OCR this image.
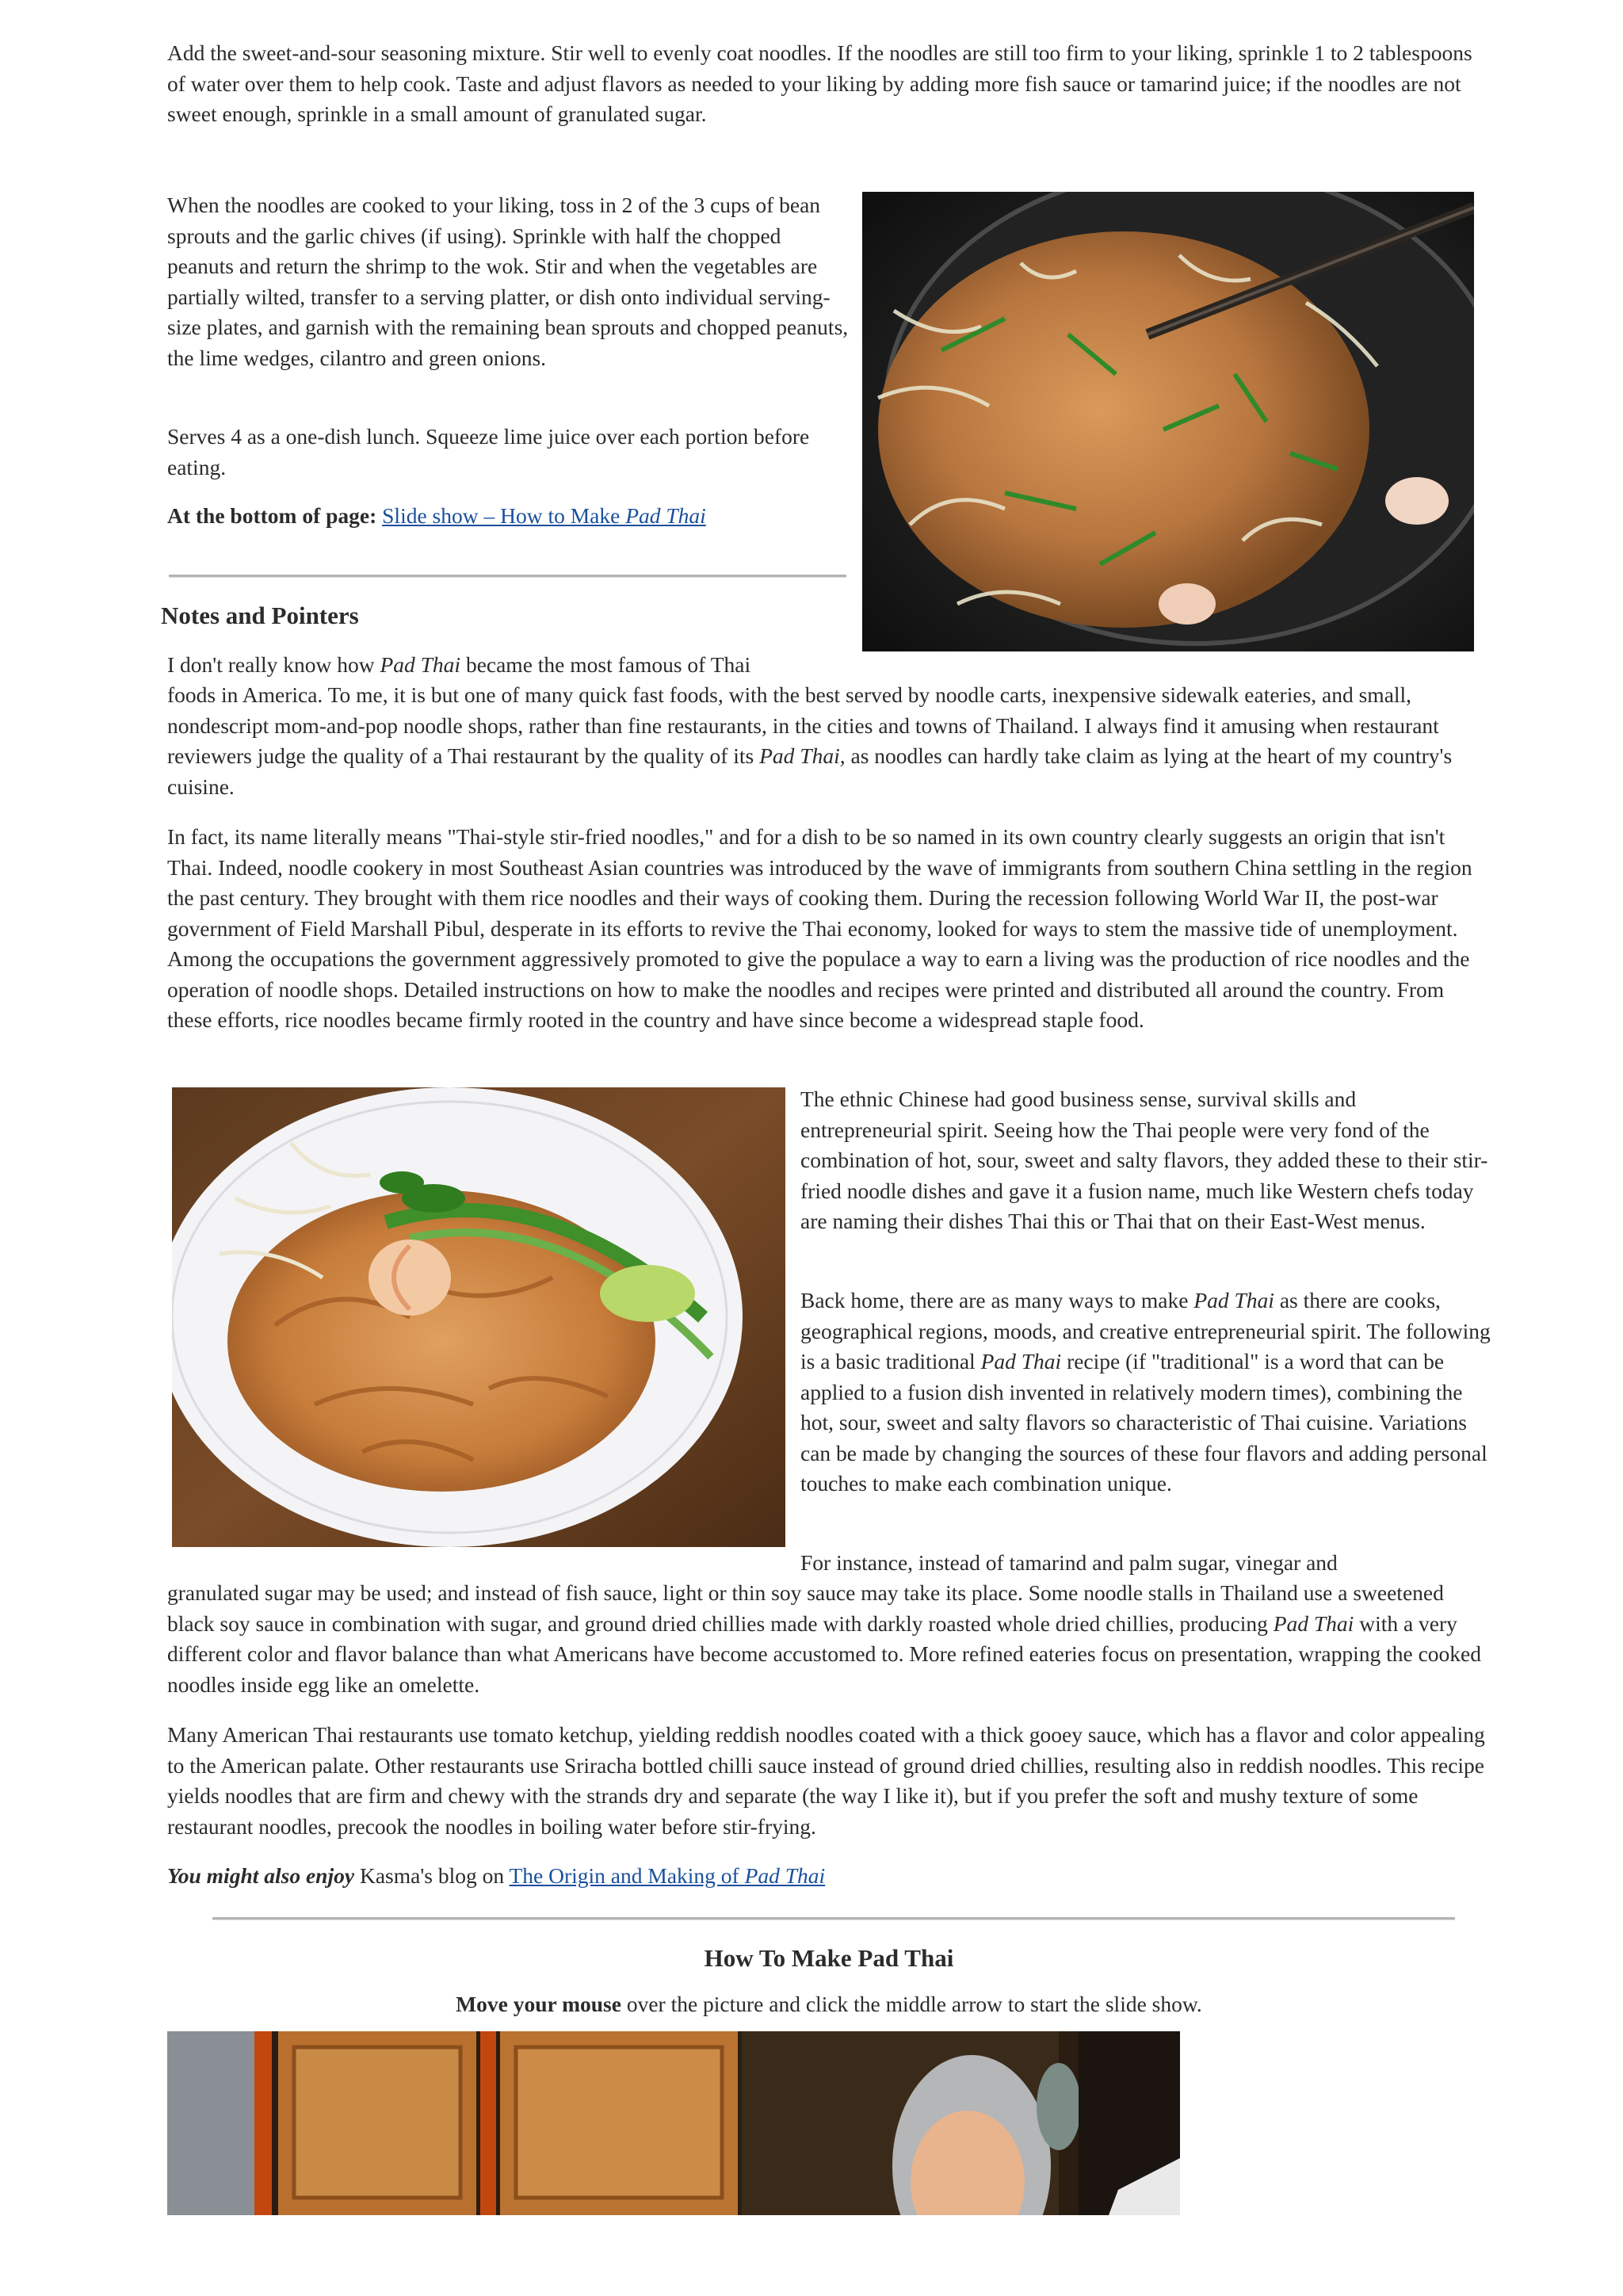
Add the sweet-and-sour seasoning mixture. Stir well to evenly coat noodles. If the noodles are still too firm to your liking, sprinkle 1 to 2 tablespoons of water over them to help cook. Taste and adjust flavors as needed to your liking by adding more fish sauce or tamarind juice; if the noodles are not sweet enough, sprinkle in a small amount of granulated sugar.

When the noodles are cooked to your liking, toss in 2 of the 3 cups of bean sprouts and the garlic chives (if using). Sprinkle with half the chopped peanuts and return the shrimp to the wok. Stir and when the vegetables are partially wilted, transfer to a serving platter, or dish onto individual serving-size plates, and garnish with the remaining bean sprouts and chopped peanuts, the lime wedges, cilantro and green onions.

Serves 4 as a one-dish lunch. Squeeze lime juice over each portion before eating.

At the bottom of page: Slide show – How to Make Pad Thai

Notes and Pointers

I don't really know how Pad Thai became the most famous of Thai

foods in America. To me, it is but one of many quick fast foods, with the best served by noodle carts, inexpensive sidewalk eateries, and small, nondescript mom-and-pop noodle shops, rather than fine restaurants, in the cities and towns of Thailand. I always find it amusing when restaurant reviewers judge the quality of a Thai restaurant by the quality of its Pad Thai, as noodles can hardly take claim as lying at the heart of my country's cuisine.

In fact, its name literally means "Thai-style stir-fried noodles," and for a dish to be so named in its own country clearly suggests an origin that isn't Thai. Indeed, noodle cookery in most Southeast Asian countries was introduced by the wave of immigrants from southern China settling in the region the past century. They brought with them rice noodles and their ways of cooking them. During the recession following World War II, the post-war government of Field Marshall Pibul, desperate in its efforts to revive the Thai economy, looked for ways to stem the massive tide of unemployment. Among the occupations the government aggressively promoted to give the populace a way to earn a living was the production of rice noodles and the operation of noodle shops. Detailed instructions on how to make the noodles and recipes were printed and distributed all around the country. From these efforts, rice noodles became firmly rooted in the country and have since become a widespread staple food.

The ethnic Chinese had good business sense, survival skills and entrepreneurial spirit. Seeing how the Thai people were very fond of the combination of hot, sour, sweet and salty flavors, they added these to their stir-fried noodle dishes and gave it a fusion name, much like Western chefs today are naming their dishes Thai this or Thai that on their East-West menus.

Back home, there are as many ways to make Pad Thai as there are cooks, geographical regions, moods, and creative entrepreneurial spirit. The following is a basic traditional Pad Thai recipe (if "traditional" is a word that can be applied to a fusion dish invented in relatively modern times), combining the hot, sour, sweet and salty flavors so characteristic of Thai cuisine. Variations can be made by changing the sources of these four flavors and adding personal touches to make each combination unique.

For instance, instead of tamarind and palm sugar, vinegar and

granulated sugar may be used; and instead of fish sauce, light or thin soy sauce may take its place. Some noodle stalls in Thailand use a sweetened black soy sauce in combination with sugar, and ground dried chillies made with darkly roasted whole dried chillies, producing Pad Thai with a very different color and flavor balance than what Americans have become accustomed to. More refined eateries focus on presentation, wrapping the cooked noodles inside egg like an omelette.

Many American Thai restaurants use tomato ketchup, yielding reddish noodles coated with a thick gooey sauce, which has a flavor and color appealing to the American palate. Other restaurants use Sriracha bottled chilli sauce instead of ground dried chillies, resulting also in reddish noodles. This recipe yields noodles that are firm and chewy with the strands dry and separate (the way I like it), but if you prefer the soft and mushy texture of some restaurant noodles, precook the noodles in boiling water before stir-frying.

You might also enjoy Kasma's blog on The Origin and Making of Pad Thai

How To Make Pad Thai

Move your mouse over the picture and click the middle arrow to start the slide show.
